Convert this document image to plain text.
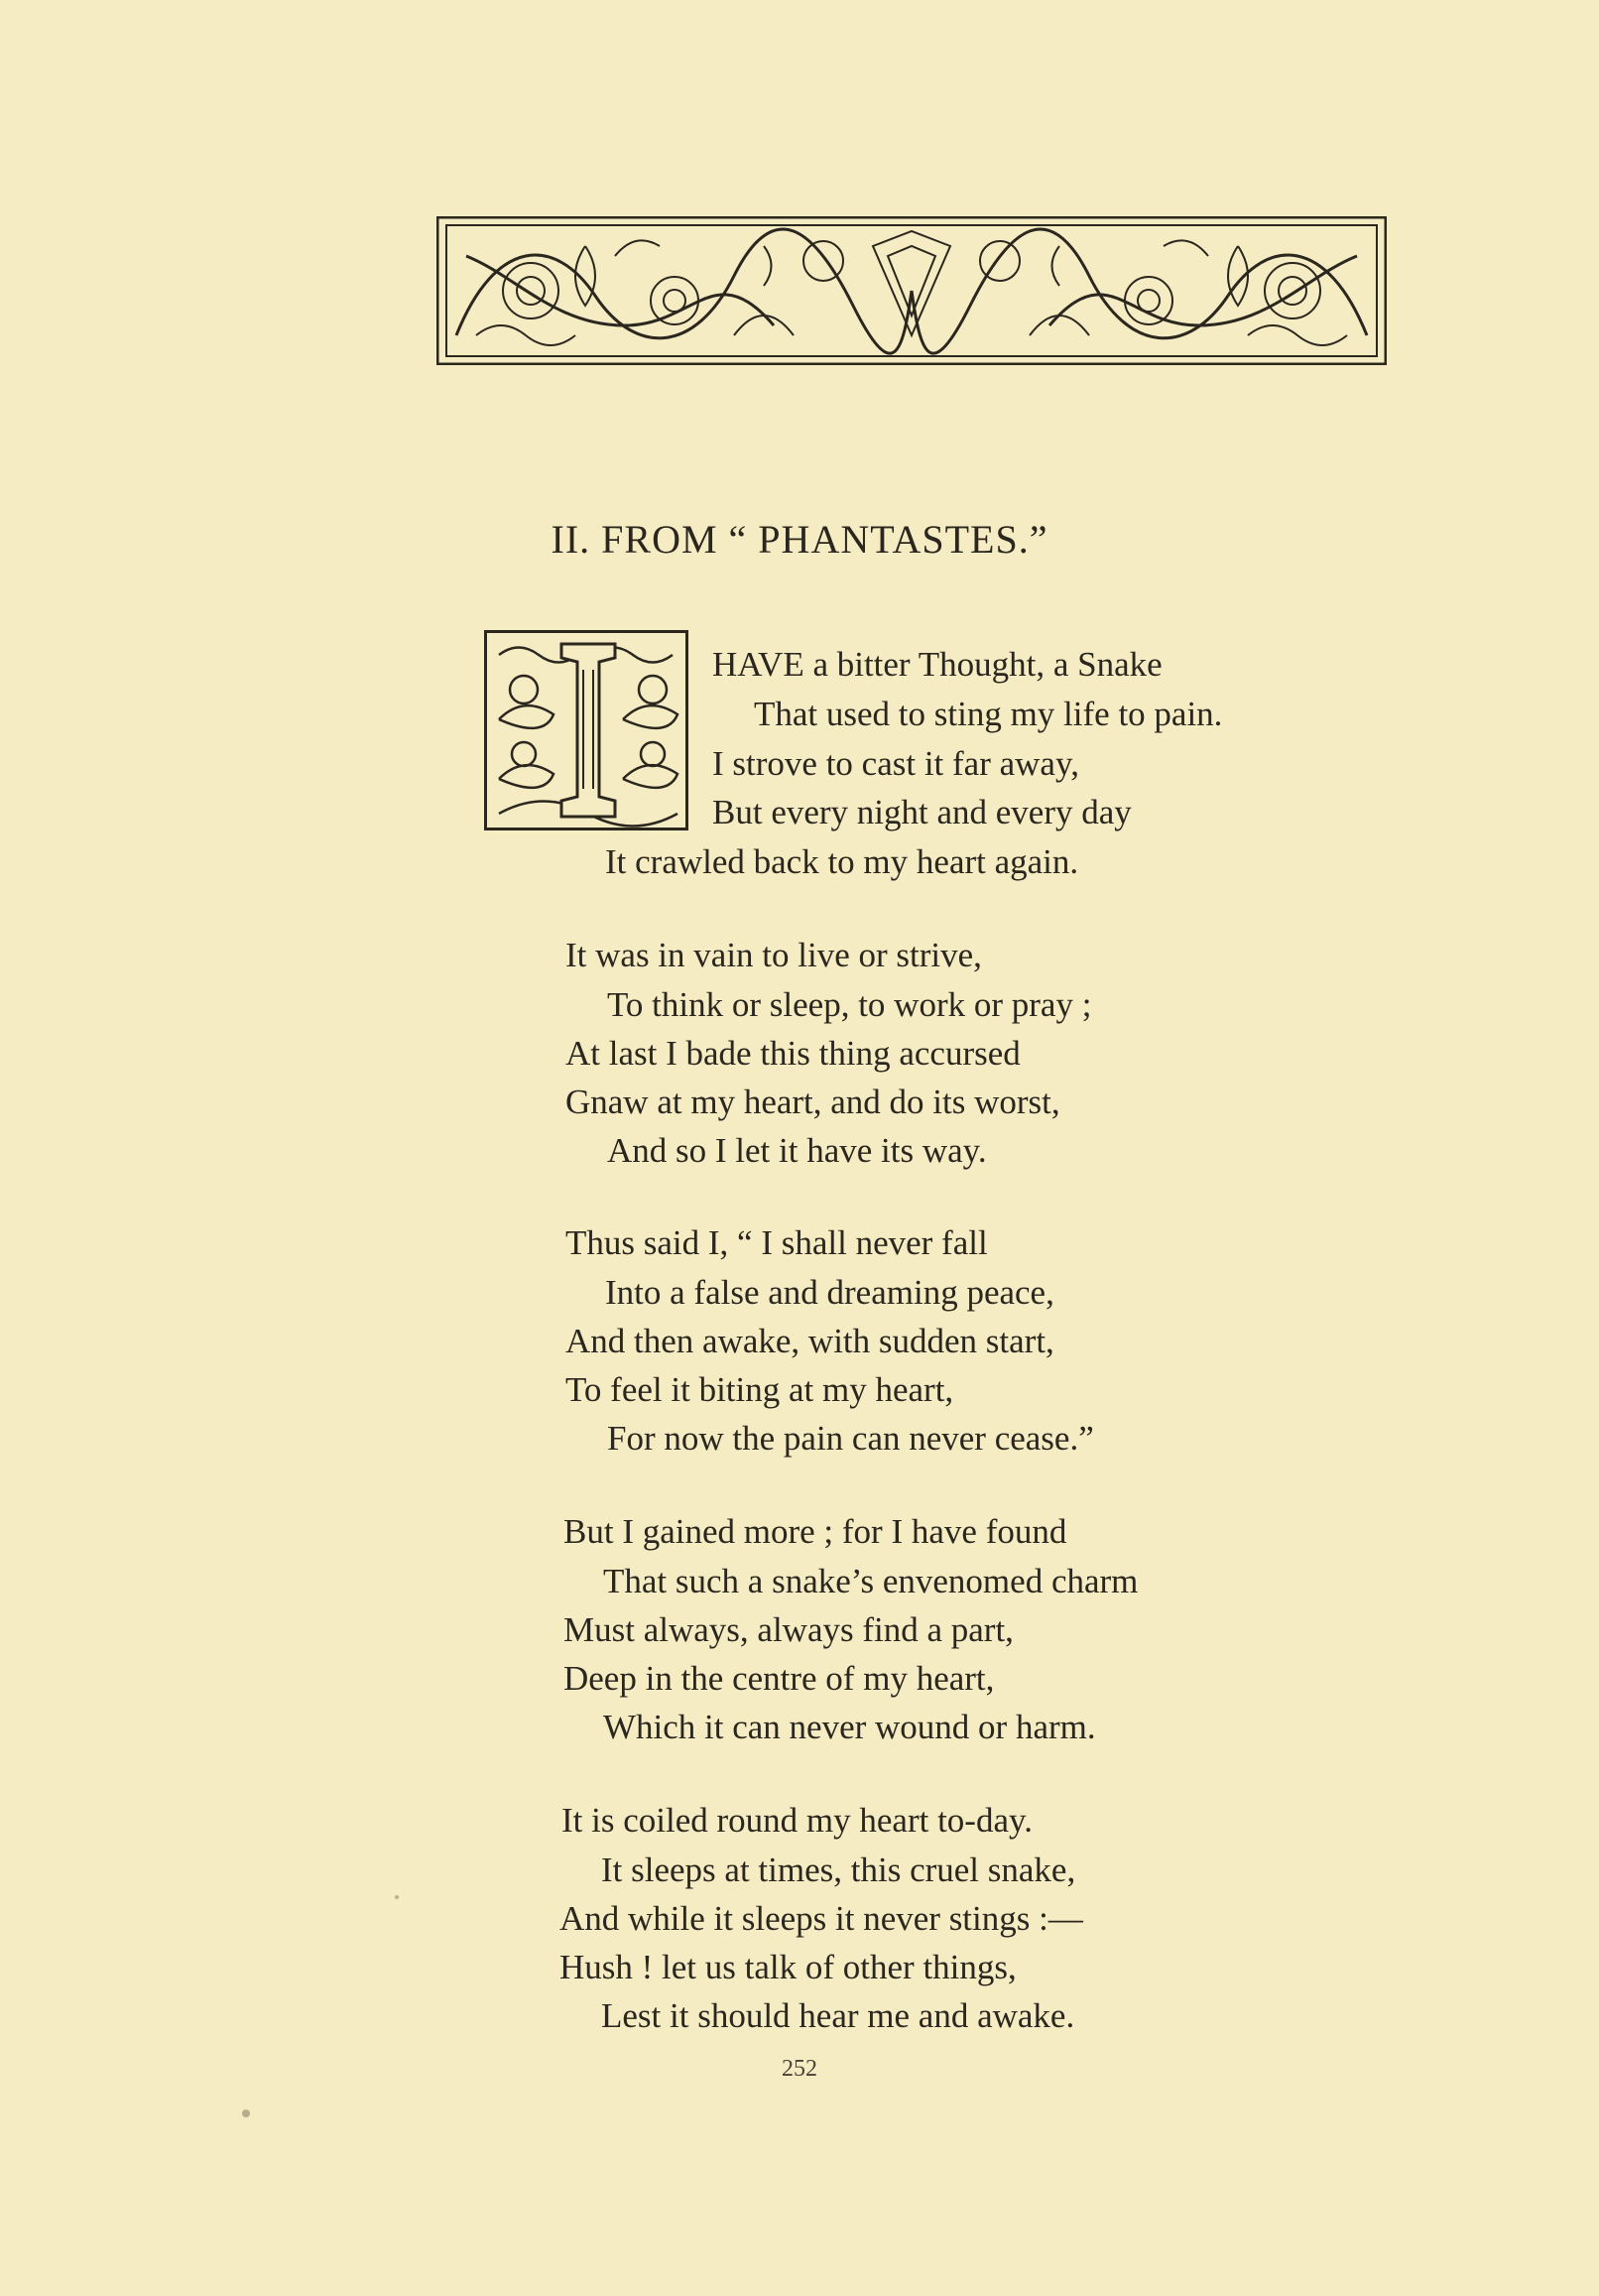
II. FROM “ PHANTASTES.”
HAVE a bitter Thought, a Snake
That used to sting my life to pain.
I strove to cast it far away,
But every night and every day
It crawled back to my heart again.
It was in vain to live or strive,
To think or sleep, to work or pray ;
At last I bade this thing accursed
Gnaw at my heart, and do its worst,
And so I let it have its way.
Thus said I, “ I shall never fall
Into a false and dreaming peace,
And then awake, with sudden start,
To feel it biting at my heart,
For now the pain can never cease.”
But I gained more ; for I have found
That such a snake’s envenomed charm
Must always, always find a part,
Deep in the centre of my heart,
Which it can never wound or harm.
It is coiled round my heart to-day.
It sleeps at times, this cruel snake,
And while it sleeps it never stings :—
Hush ! let us talk of other things,
Lest it should hear me and awake.
252
